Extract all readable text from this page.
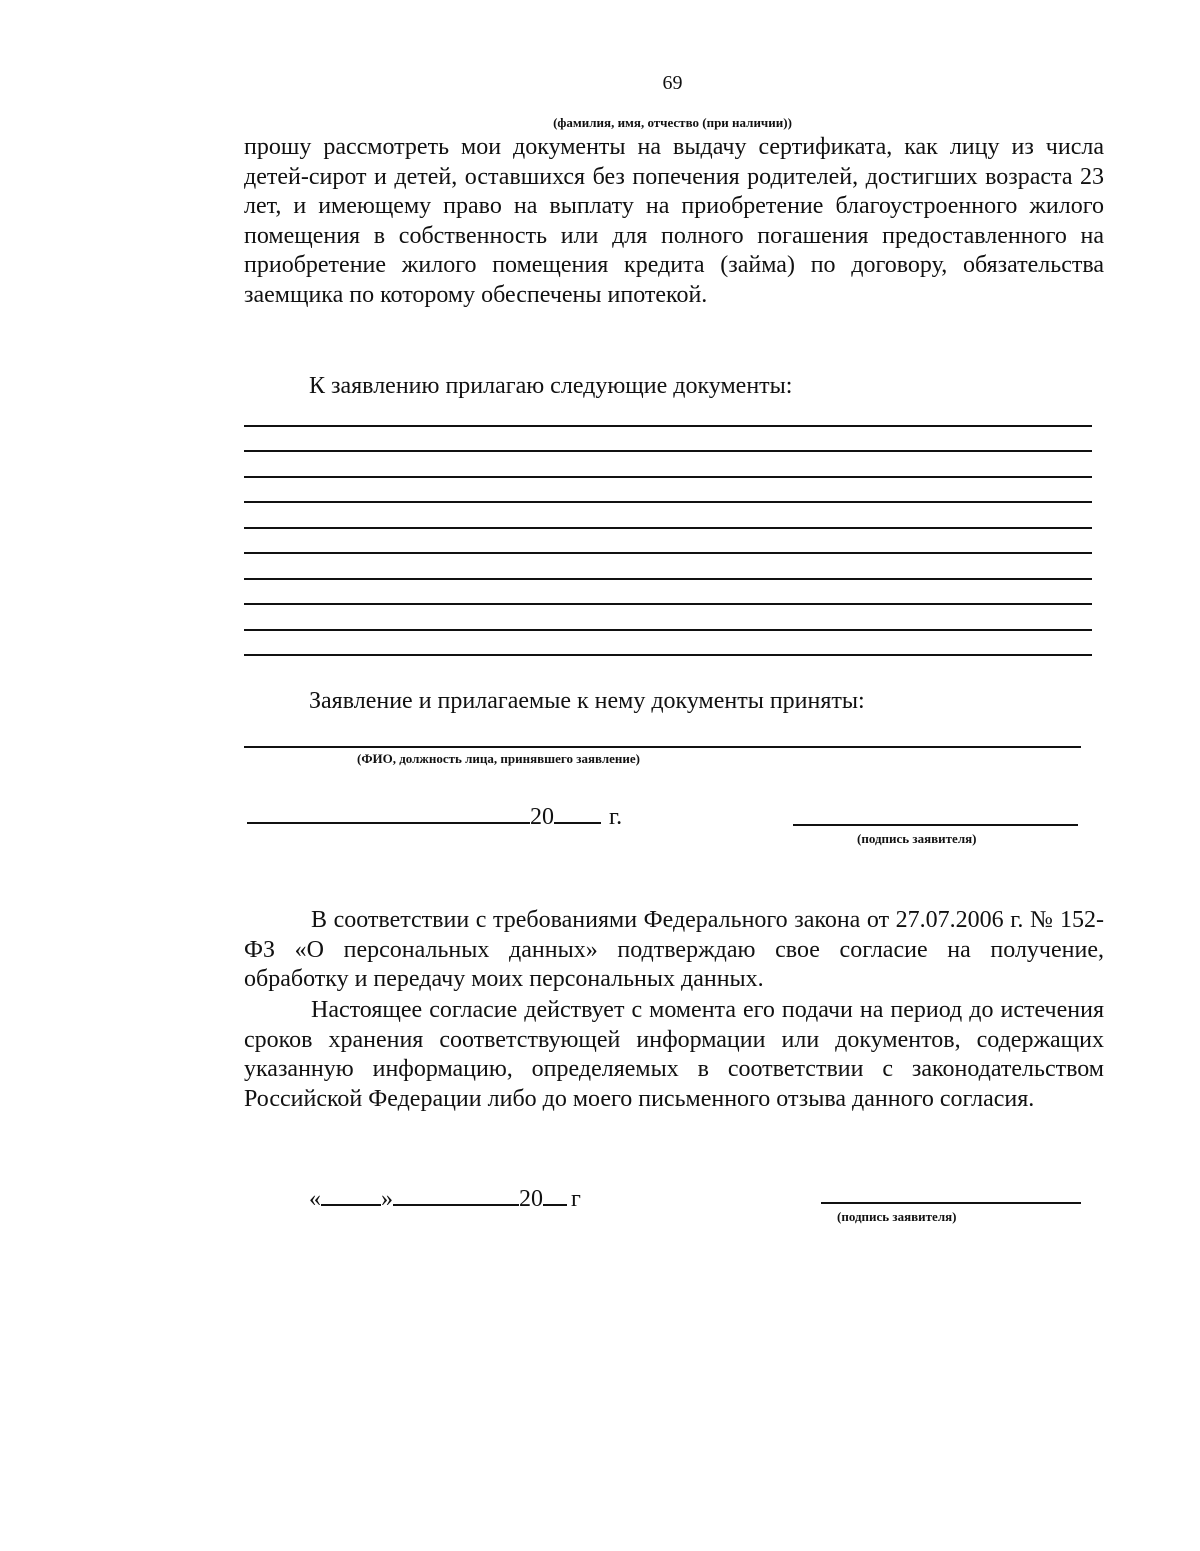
69
(фамилия, имя, отчество (при наличии))
прошу рассмотреть мои документы на выдачу сертификата, как лицу из числа детей-сирот и детей, оставшихся без попечения родителей, достигших возраста 23 лет, и имеющему право на выплату на приобретение благоустроенного жилого помещения в собственность или для полного погашения предоставленного на приобретение жилого помещения кредита (займа) по договору, обязательства заемщика по которому обеспечены ипотекой.
К заявлению прилагаю следующие документы:
Заявление и прилагаемые к нему документы приняты:
(ФИО, должность лица, принявшего заявление)
20 г.
(подпись заявителя)
В соответствии с требованиями Федерального закона от 27.07.2006 г. № 152-ФЗ «О персональных данных» подтверждаю свое согласие на получение, обработку и передачу моих персональных данных.
Настоящее согласие действует с момента его подачи на период до истечения сроков хранения соответствующей информации или документов, содержащих указанную информацию, определяемых в соответствии с законодательством Российской Федерации либо до моего письменного отзыва данного согласия.
«	»	20 г
(подпись заявителя)
